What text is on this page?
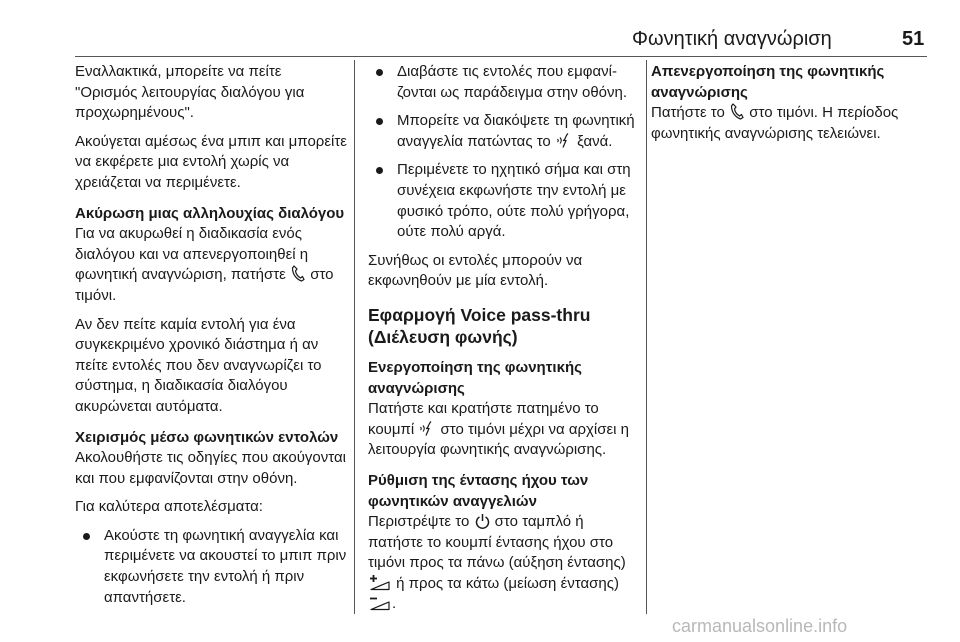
Φωνητική αναγνώριση	51

Εναλλακτικά, μπορείτε να πείτε "Ορισμός λειτουργίας διαλόγου για προχωρημένους".

Ακούγεται αμέσως ένα μπιπ και μπορείτε να εκφέρετε μια εντολή χωρίς να χρειάζεται να περιμένετε.

Ακύρωση μιας αλληλουχίας διαλόγου

Για να ακυρωθεί η διαδικασία ενός διαλόγου και να απενεργοποιηθεί η φωνητική αναγνώριση, πατήστε στο τιμόνι.

Αν δεν πείτε καμία εντολή για ένα συγκεκριμένο χρονικό διάστημα ή αν πείτε εντολές που δεν αναγνωρίζει το σύστημα, η διαδικασία διαλόγου ακυρώνεται αυτόματα.

Χειρισμός μέσω φωνητικών εντολών

Ακολουθήστε τις οδηγίες που ακούγονται και που εμφανίζονται στην οθόνη.

Για καλύτερα αποτελέσματα:

Ακούστε τη φωνητική αναγγελία και περιμένετε να ακουστεί το μπιπ πριν εκφωνήσετε την εντολή ή πριν απαντήσετε.
Διαβάστε τις εντολές που εμφανίζονται ως παράδειγμα στην οθόνη.
Μπορείτε να διακόψετε τη φωνητική αναγγελία πατώντας το ξανά.
Περιμένετε το ηχητικό σήμα και στη συνέχεια εκφωνήστε την εντολή με φυσικό τρόπο, ούτε πολύ γρήγορα, ούτε πολύ αργά.

Συνήθως οι εντολές μπορούν να εκφωνηθούν με μία εντολή.

Εφαρμογή Voice pass-thru (Διέλευση φωνής)
Ενεργοποίηση της φωνητικής αναγνώρισης

Πατήστε και κρατήστε πατημένο το κουμπί στο τιμόνι μέχρι να αρχίσει η λειτουργία φωνητικής αναγνώρισης.

Ρύθμιση της έντασης ήχου των φωνητικών αναγγελιών

Περιστρέψτε το στο ταμπλό ή πατήστε το κουμπί έντασης ήχου στο τιμόνι προς τα πάνω (αύξηση έντασης)  ή προς τα κάτω (μείωση έντασης) .

Απενεργοποίηση της φωνητικής αναγνώρισης

Πατήστε το στο τιμόνι. Η περίοδος φωνητικής αναγνώρισης τελειώνει.

carmanualsonline.info
